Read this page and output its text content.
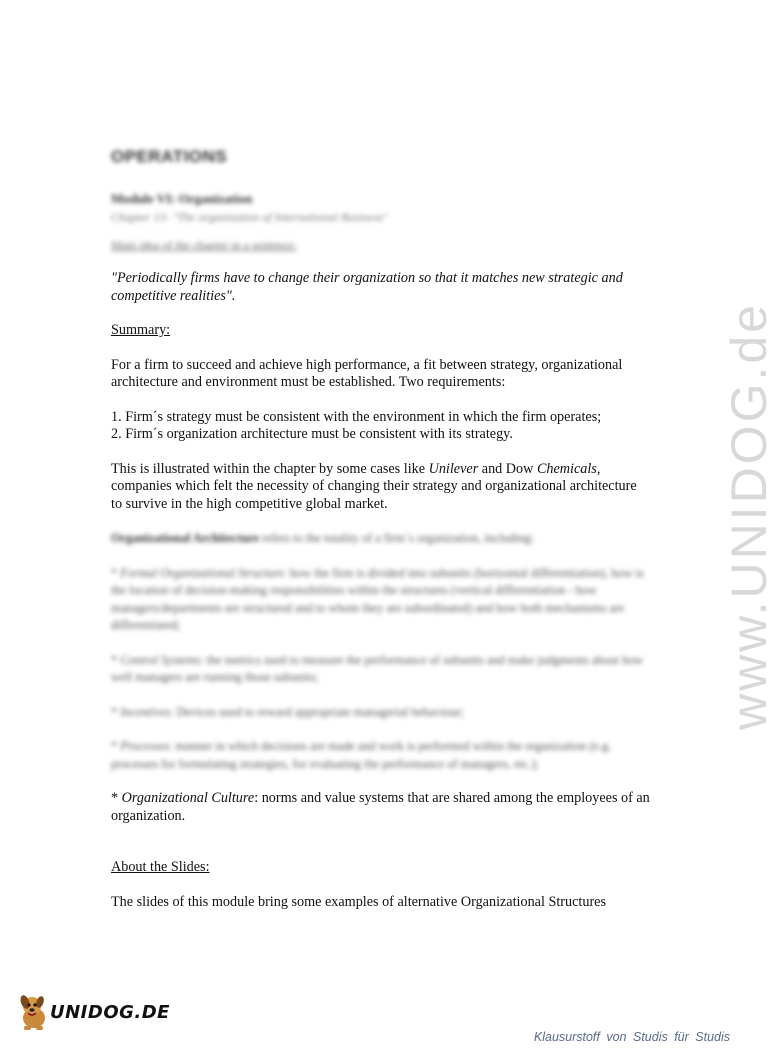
www.UNIDOG.de
OPERATIONS
Module VI: Organization
Chapter 13: "The organization of International Business"
Main idea of the chapter in a sentence:

"Periodically firms have to change their organization so that it matches new strategic and competitive realities".

Summary:

For a firm to succeed and achieve high performance, a fit between strategy, organizational architecture and environment must be established. Two requirements:

1. Firm´s strategy must be consistent with the environment in which the firm operates;

2. Firm´s organization architecture must be consistent with its strategy.

This is illustrated within the chapter by some cases like Unilever and Dow Chemicals, companies which felt the necessity of changing their strategy and organizational architecture to survive in the high competitive global market.

Organizational Architecture refers to the totality of a firm´s organization, including:

* Formal Organizational Structure: how the firm is divided into subunits (horizontal differentiation), how is the location of decision-making responsibilities within the structures (vertical differentiation - how managers/departments are structured and to whom they are subordinated) and how both mechanisms are differentiated;

* Control Systems: the metrics used to measure the performance of subunits and make judgments about how well managers are running those subunits;

* Incentives: Devices used to reward appropriate managerial behaviour;

* Processes: manner in which decisions are made and work is performed within the organization (e.g. processes for formulating strategies, for evaluating the performance of managers, etc.);

* Organizational Culture: norms and value systems that are shared among the employees of an organization.

About the Slides:

The slides of this module bring some examples of alternative Organizational Structures

UNIDOG.DE
Klausurstoff von Studis für Studis
